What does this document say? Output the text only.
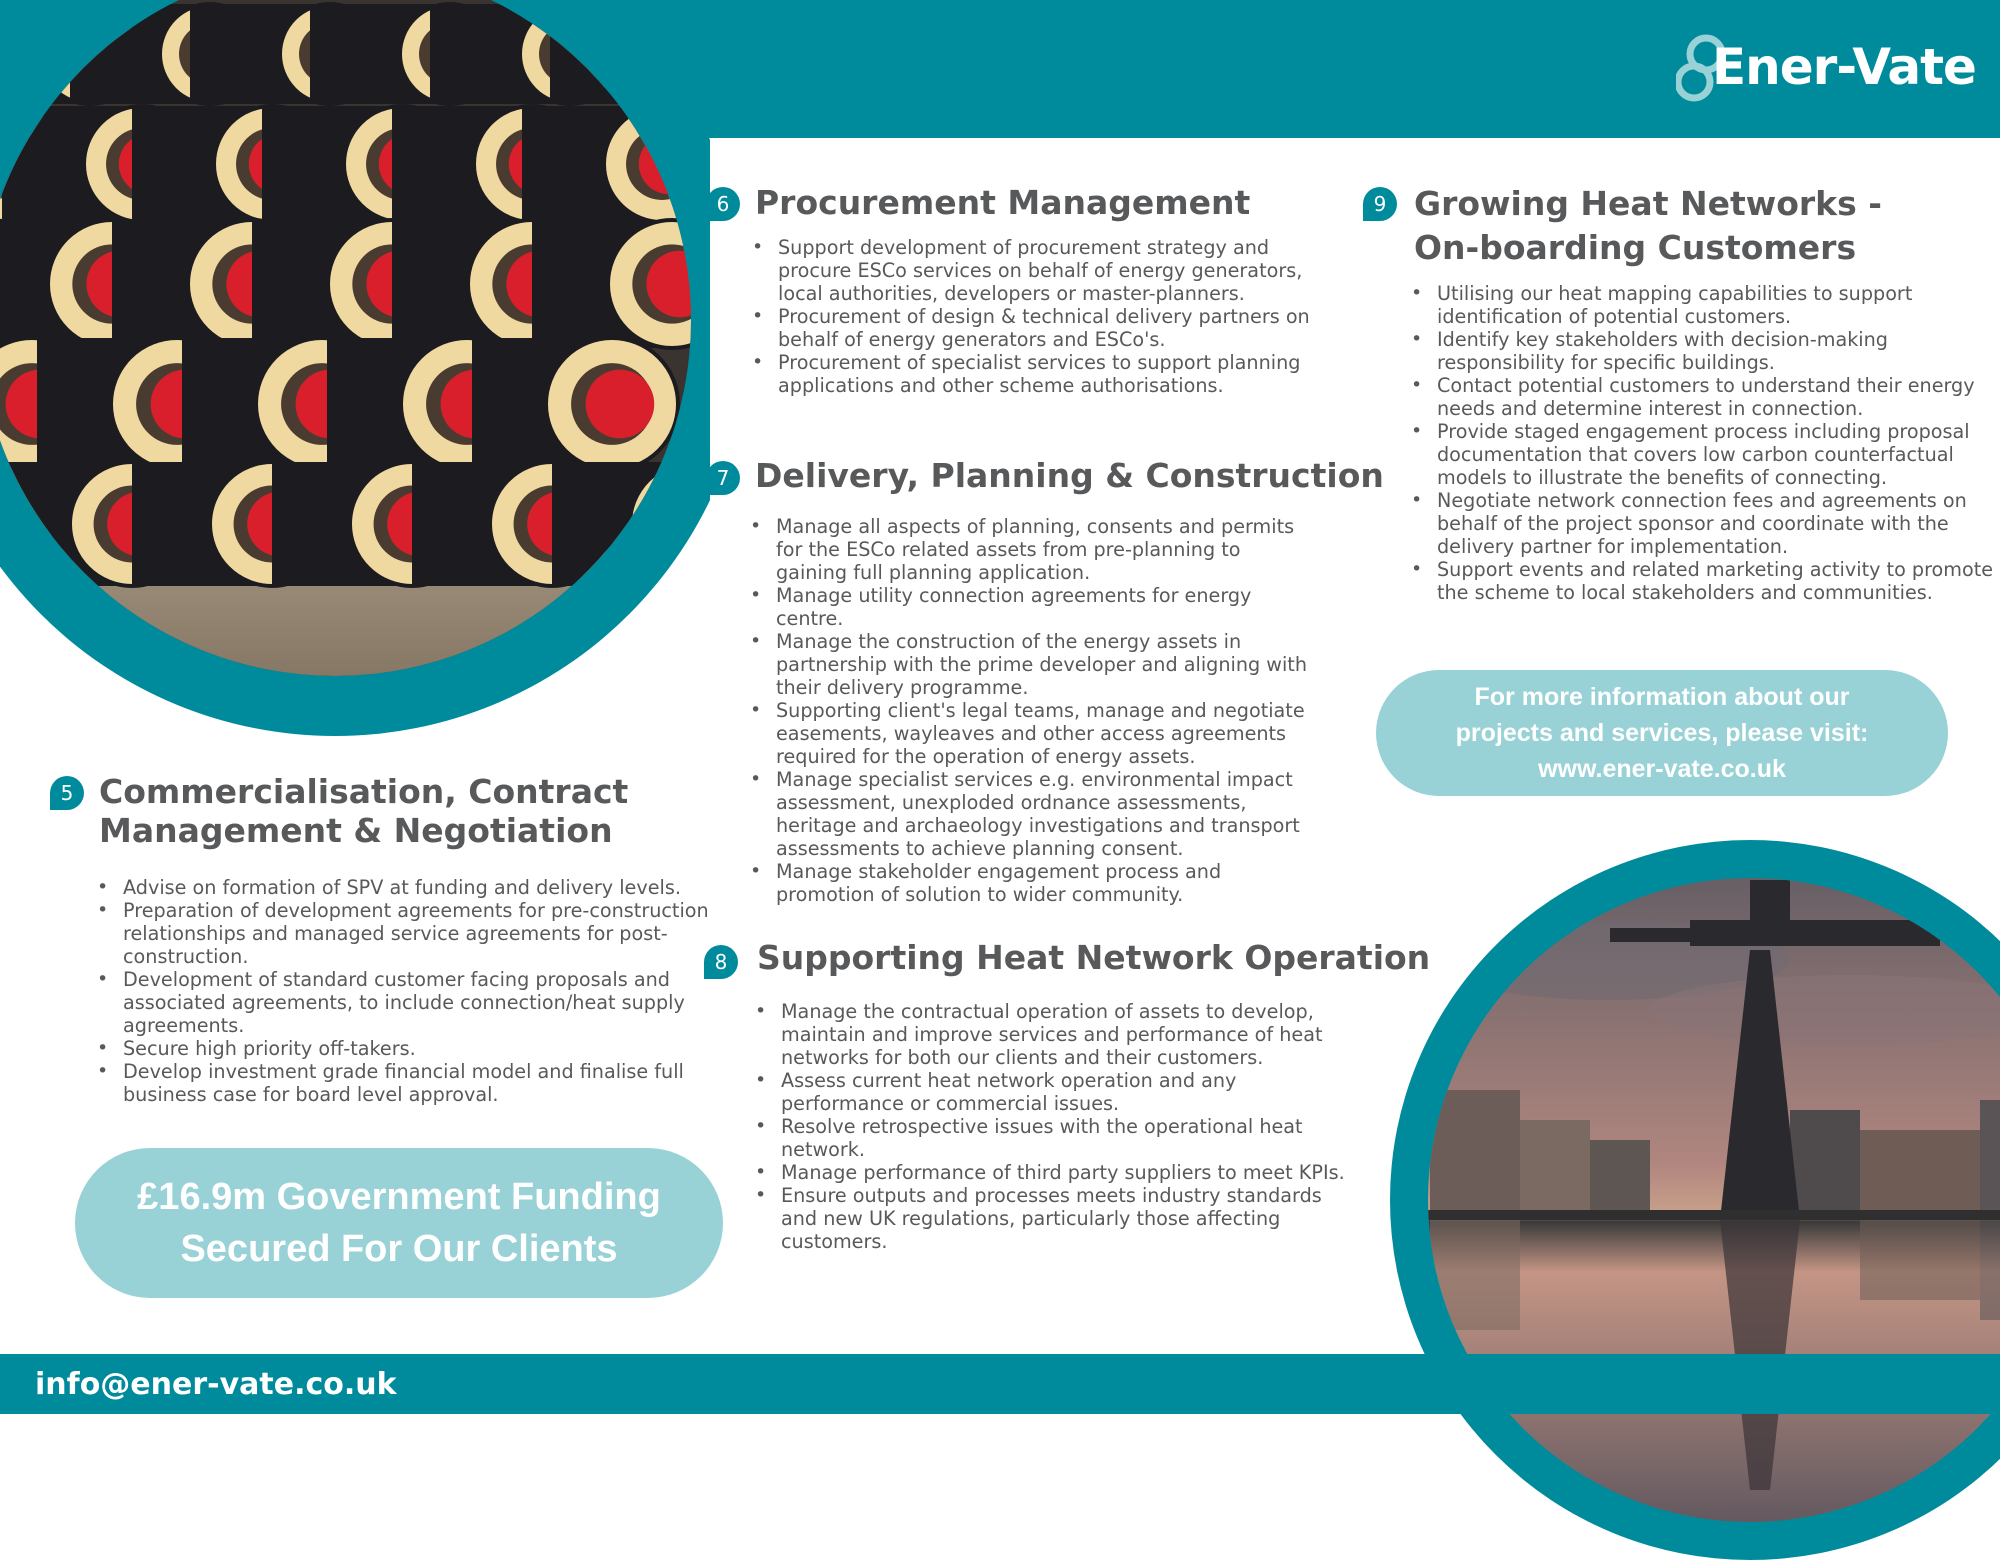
Ener-Vate
5 Commercialisation, Contract
Management & Negotiation
• Advise on formation of SPV at funding and delivery levels.
• Preparation of development agreements for pre-construction relationships and managed service agreements for post-construction.
• Development of standard customer facing proposals and associated agreements, to include connection/heat supply agreements.
• Secure high priority off-takers.
• Develop investment grade financial model and finalise full business case for board level approval.
£16.9m Government Funding
Secured For Our Clients
6 Procurement Management
• Support development of procurement strategy and procure ESCo services on behalf of energy generators, local authorities, developers or master-planners.
• Procurement of design & technical delivery partners on behalf of energy generators and ESCo's.
• Procurement of specialist services to support planning applications and other scheme authorisations.
7 Delivery, Planning & Construction
• Manage all aspects of planning, consents and permits for the ESCo related assets from pre-planning to gaining full planning application.
• Manage utility connection agreements for energy centre.
• Manage the construction of the energy assets in partnership with the prime developer and aligning with their delivery programme.
• Supporting client's legal teams, manage and negotiate easements, wayleaves and other access agreements required for the operation of energy assets.
• Manage specialist services e.g. environmental impact assessment, unexploded ordnance assessments, heritage and archaeology investigations and transport assessments to achieve planning consent.
• Manage stakeholder engagement process and promotion of solution to wider community.
8 Supporting Heat Network Operation
• Manage the contractual operation of assets to develop, maintain and improve services and performance of heat networks for both our clients and their customers.
• Assess current heat network operation and any performance or commercial issues.
• Resolve retrospective issues with the operational heat network.
• Manage performance of third party suppliers to meet KPIs.
• Ensure outputs and processes meets industry standards and new UK regulations, particularly those affecting customers.
9 Growing Heat Networks -
On-boarding Customers
• Utilising our heat mapping capabilities to support identification of potential customers.
• Identify key stakeholders with decision-making responsibility for specific buildings.
• Contact potential customers to understand their energy needs and determine interest in connection.
• Provide staged engagement process including proposal documentation that covers low carbon counterfactual models to illustrate the benefits of connecting.
• Negotiate network connection fees and agreements on behalf of the project sponsor and coordinate with the delivery partner for implementation.
• Support events and related marketing activity to promote the scheme to local stakeholders and communities.
For more information about our
projects and services, please visit:
www.ener-vate.co.uk
info@ener-vate.co.uk
